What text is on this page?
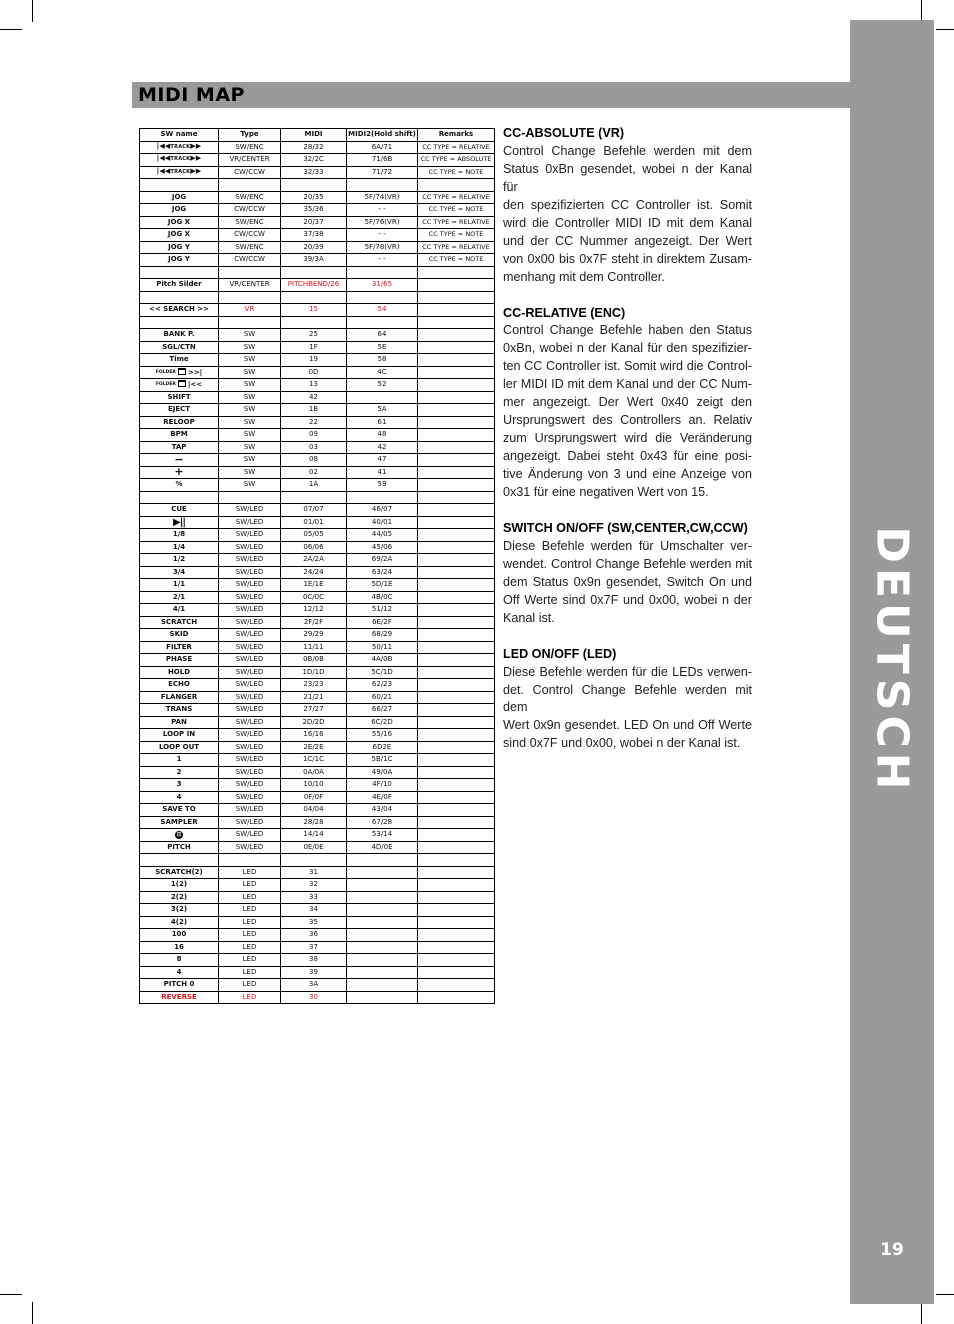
DEUTSCH
19
MIDI MAP
SW name	Type	MIDI	MIDI2(Hold shift)	Remarks
|◀◀TRACK▶▶	SW/ENC	28/32	6A/71	CC TYPE = RELATIVE
|◀◀TRACK▶▶	VR/CENTER	32/2C	71/6B	CC TYPE = ABSOLUTE
|◀◀TRACK▶▶	CW/CCW	32/33	71/72	CC TYPE = NOTE

JOG	SW/ENC	20/35	5F/74(VR)	CC TYPE = RELATIVE
JOG	CW/CCW	35/36	- -	CC TYPE = NOTE
JOG X	SW/ENC	20/37	5F/76(VR)	CC TYPE = RELATIVE
JOG X	CW/CCW	37/38	- -	CC TYPE = NOTE
JOG Y	SW/ENC	20/39	5F/78(VR)	CC TYPE = RELATIVE
JOG Y	CW/CCW	39/3A	- -	CC TYPE = NOTE

Pitch Silder	VR/CENTER	PITCHBEND/26	31/65	

<< SEARCH >>	VR	15	54	

BANK P.	SW	25	64	
SGL/CTN	SW	1F	5E	
Time	SW	19	58	
FOLDER >>|	SW	0D	4C	
FOLDER |<<	SW	13	52	
SHIFT	SW	42		
EJECT	SW	1B	5A	
RELOOP	SW	22	61	
BPM	SW	09	48	
TAP	SW	03	42	
−	SW	08	47	
+	SW	02	41	
%	SW	1A	59	

CUE	SW/LED	07/07	46/07	
▶||	SW/LED	01/01	40/01	
1/8	SW/LED	05/05	44/05	
1/4	SW/LED	06/06	45/06	
1/2	SW/LED	2A/2A	69/2A	
3/4	SW/LED	24/24	63/24	
1/1	SW/LED	1E/1E	5D/1E	
2/1	SW/LED	0C/0C	4B/0C	
4/1	SW/LED	12/12	51/12	
SCRATCH	SW/LED	2F/2F	6E/2F	
SKID	SW/LED	29/29	68/29	
FILTER	SW/LED	11/11	50/11	
PHASE	SW/LED	0B/0B	4A/0B	
HOLD	SW/LED	1D/1D	5C/1D	
ECHO	SW/LED	23/23	62/23	
FLANGER	SW/LED	21/21	60/21	
TRANS	SW/LED	27/27	66/27	
PAN	SW/LED	2D/2D	6C/2D	
LOOP IN	SW/LED	16/16	55/16	
LOOP OUT	SW/LED	2E/2E	6D2E	
1	SW/LED	1C/1C	5B/1C	
2	SW/LED	0A/0A	49/0A	
3	SW/LED	10/10	4F/10	
4	SW/LED	0F/0F	4E/0F	
SAVE TO	SW/LED	04/04	43/04	
SAMPLER	SW/LED	28/28	67/28	
⊡	SW/LED	14/14	53/14	
PITCH	SW/LED	0E/0E	4D/0E	

SCRATCH(2)	LED	31		
1(2)	LED	32		
2(2)	LED	33		
3(2)	LED	34		
4(2)	LED	35		
100	LED	36		
16	LED	37		
8	LED	38		
4	LED	39		
PITCH 0	LED	3A		
REVERSE	LED	30		
CC-ABSOLUTE (VR)

Control Change Befehle werden mit dem
Status 0xBn gesendet, wobei n der Kanal für
den spezifizierten CC Controller ist. Somit
wird die Controller MIDI ID mit dem Kanal
und der CC Nummer angezeigt. Der Wert
von 0x00 bis 0x7F steht in direktem Zusam-
menhang mit dem Controller.

CC-RELATIVE (ENC)

Control Change Befehle haben den Status
0xBn, wobei n der Kanal für den spezifizier-
ten CC Controller ist. Somit wird die Control-
ler MIDI ID mit dem Kanal und der CC Num-
mer angezeigt. Der Wert 0x40 zeigt den
Ursprungswert des Controllers an. Relativ
zum Ursprungswert wird die Veränderung
angezeigt. Dabei steht 0x43 für eine posi-
tive Änderung von 3 und eine Anzeige von
0x31 für eine negativen Wert von 15.

SWITCH ON/OFF (SW,CENTER,CW,CCW)

Diese Befehle werden für Umschalter ver-
wendet. Control Change Befehle werden mit
dem Status 0x9n gesendet, Switch On und
Off Werte sind 0x7F und 0x00, wobei n der
Kanal ist.

LED ON/OFF (LED)

Diese Befehle werden für die LEDs verwen-
det. Control Change Befehle werden mit dem
Wert 0x9n gesendet. LED On und Off Werte
sind 0x7F und 0x00, wobei n der Kanal ist.
